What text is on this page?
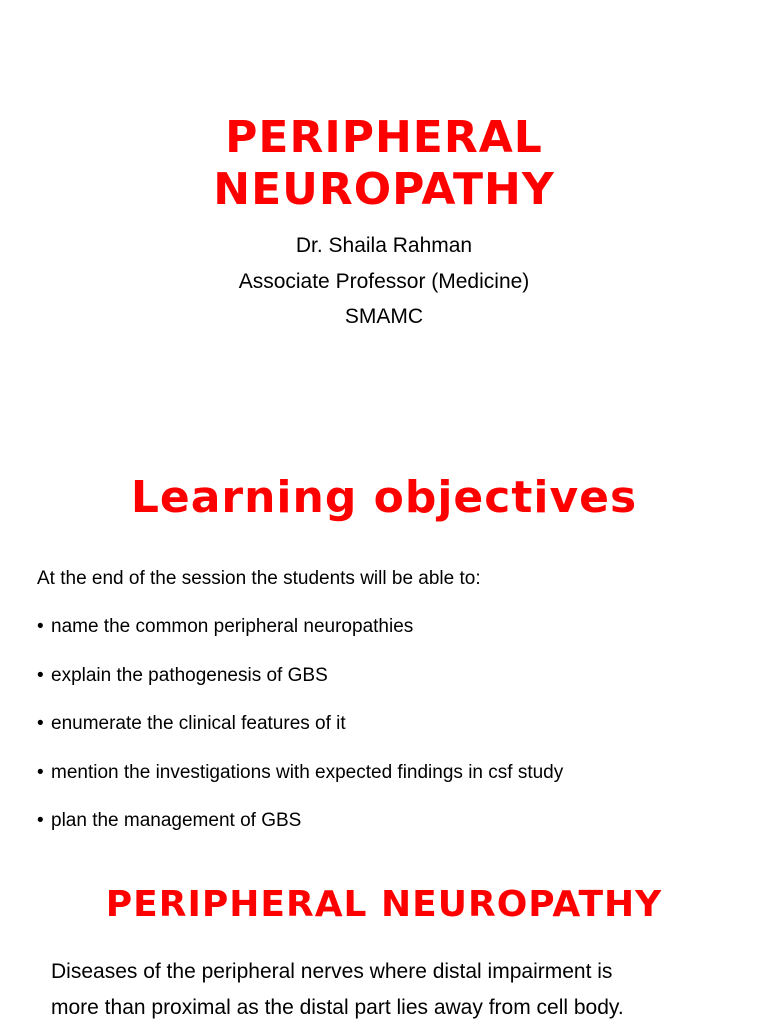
PERIPHERAL
NEUROPATHY
Dr. Shaila Rahman
Associate Professor (Medicine)
SMAMC
Learning objectives
At the end of the session the students will be able to:
• name the common peripheral neuropathies
• explain the pathogenesis of GBS
• enumerate the clinical features of it
• mention the investigations with expected findings in csf study
• plan the management of GBS
PERIPHERAL NEUROPATHY
Diseases of the peripheral nerves where distal impairment is
more than proximal as the distal part lies away from cell body.
